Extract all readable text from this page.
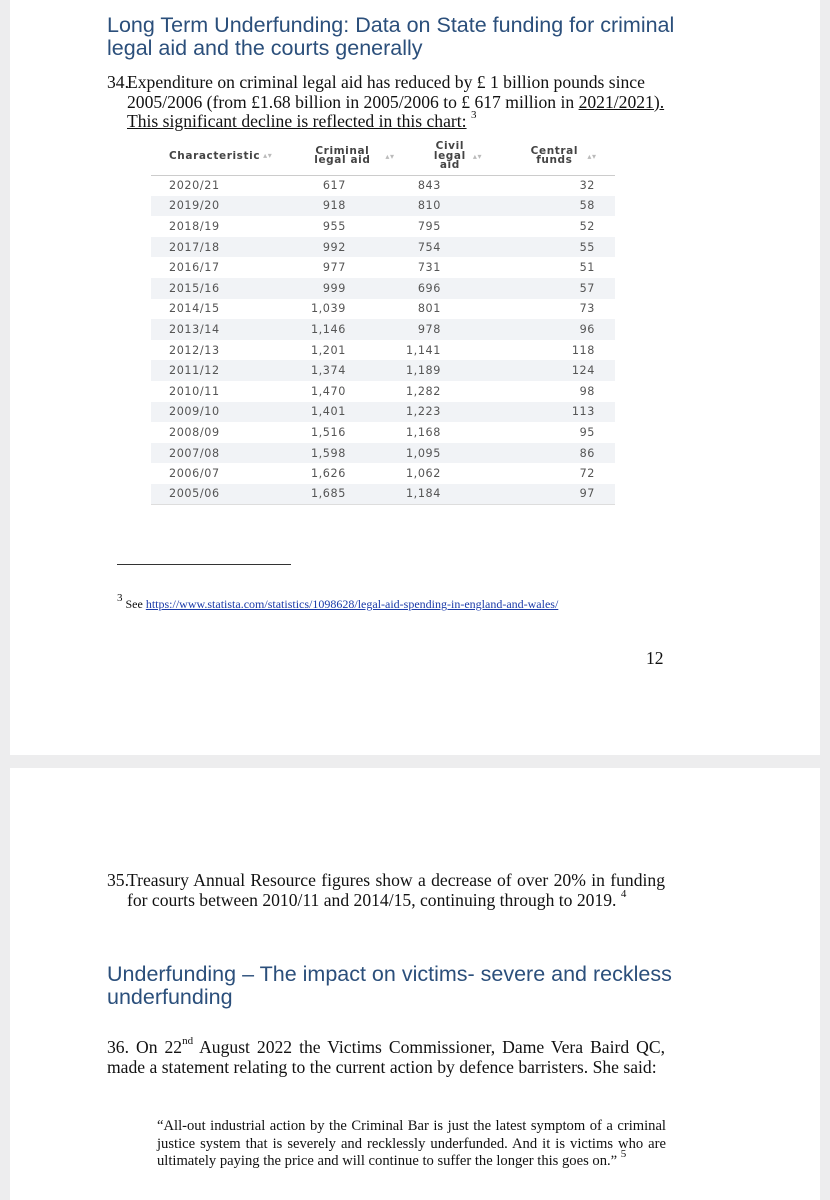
Long Term Underfunding: Data on State funding for criminal legal aid and the courts generally
34.
Expenditure on criminal legal aid has reduced by £ 1 billion pounds since 2005/2006 (from £1.68 billion in 2005/2006 to £ 617 million in 2021/2021). This significant decline is reflected in this chart: $^3$
Characteristic ▴▾	Criminal legal aid ▴▾	Civil legal aid▴▾	Central funds ▴▾
2020/21	617	843	32
2019/20	918	810	58
2018/19	955	795	52
2017/18	992	754	55
2016/17	977	731	51
2015/16	999	696	57
2014/15	1,039	801	73
2013/14	1,146	978	96
2012/13	1,201	1,141	118
2011/12	1,374	1,189	124
2010/11	1,470	1,282	98
2009/10	1,401	1,223	113
2008/09	1,516	1,168	95
2007/08	1,598	1,095	86
2006/07	1,626	1,062	72
2005/06	1,685	1,184	97
$^3$ See https://www.statista.com/statistics/1098628/legal-aid-spending-in-england-and-wales/
12
35.
Treasury Annual Resource figures show a decrease of over 20% in funding for courts between 2010/11 and 2014/15, continuing through to 2019. $^4$
Underfunding – The impact on victims- severe and reckless underfunding
36. On 22nd August 2022 the Victims Commissioner, Dame Vera Baird QC, made a statement relating to the current action by defence barristers. She said:
“All-out industrial action by the Criminal Bar is just the latest symptom of a criminal justice system that is severely and recklessly underfunded. And it is victims who are ultimately paying the price and will continue to suffer the longer this goes on.” $^5$
